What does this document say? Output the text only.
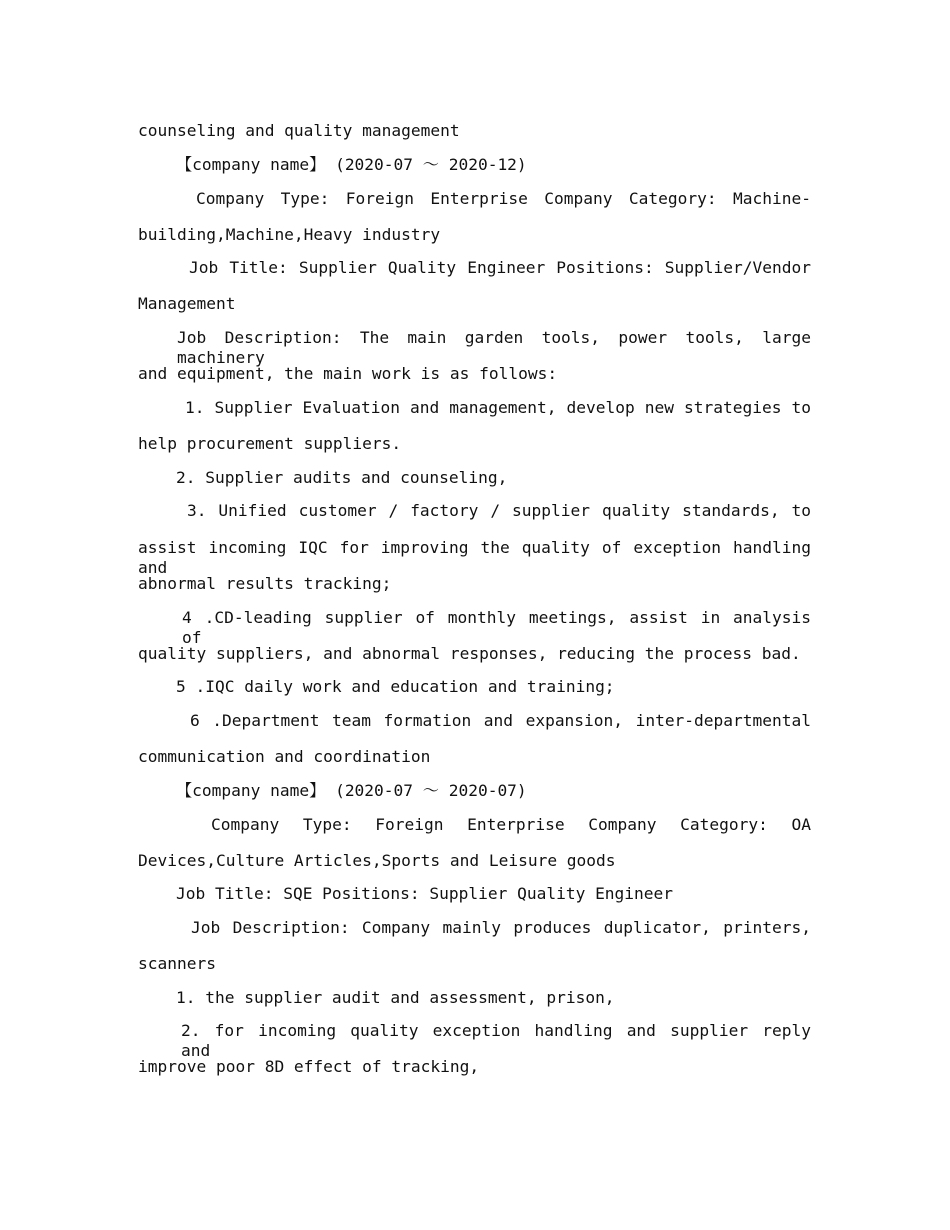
counseling and quality management
【company name】 (2020-07 ～ 2020-12)
Company Type: Foreign Enterprise Company Category: Machine-
building,Machine,Heavy industry
Job Title: Supplier Quality Engineer Positions: Supplier/Vendor
Management
Job Description: The main garden tools, power tools, large machinery
and equipment, the main work is as follows:
1. Supplier Evaluation and management, develop new strategies to
help procurement suppliers.
2. Supplier audits and counseling,
3. Unified customer / factory / supplier quality standards, to
assist incoming IQC for improving the quality of exception handling and
abnormal results tracking;
4 .CD-leading supplier of monthly meetings, assist in analysis of
quality suppliers, and abnormal responses, reducing the process bad.
5 .IQC daily work and education and training;
6 .Department team formation and expansion, inter-departmental
communication and coordination
【company name】 (2020-07 ～ 2020-07)
Company Type: Foreign Enterprise Company Category: OA
Devices,Culture Articles,Sports and Leisure goods
Job Title: SQE Positions: Supplier Quality Engineer
Job Description: Company mainly produces duplicator, printers,
scanners
1. the supplier audit and assessment, prison,
2. for incoming quality exception handling and supplier reply and
improve poor 8D effect of tracking,
